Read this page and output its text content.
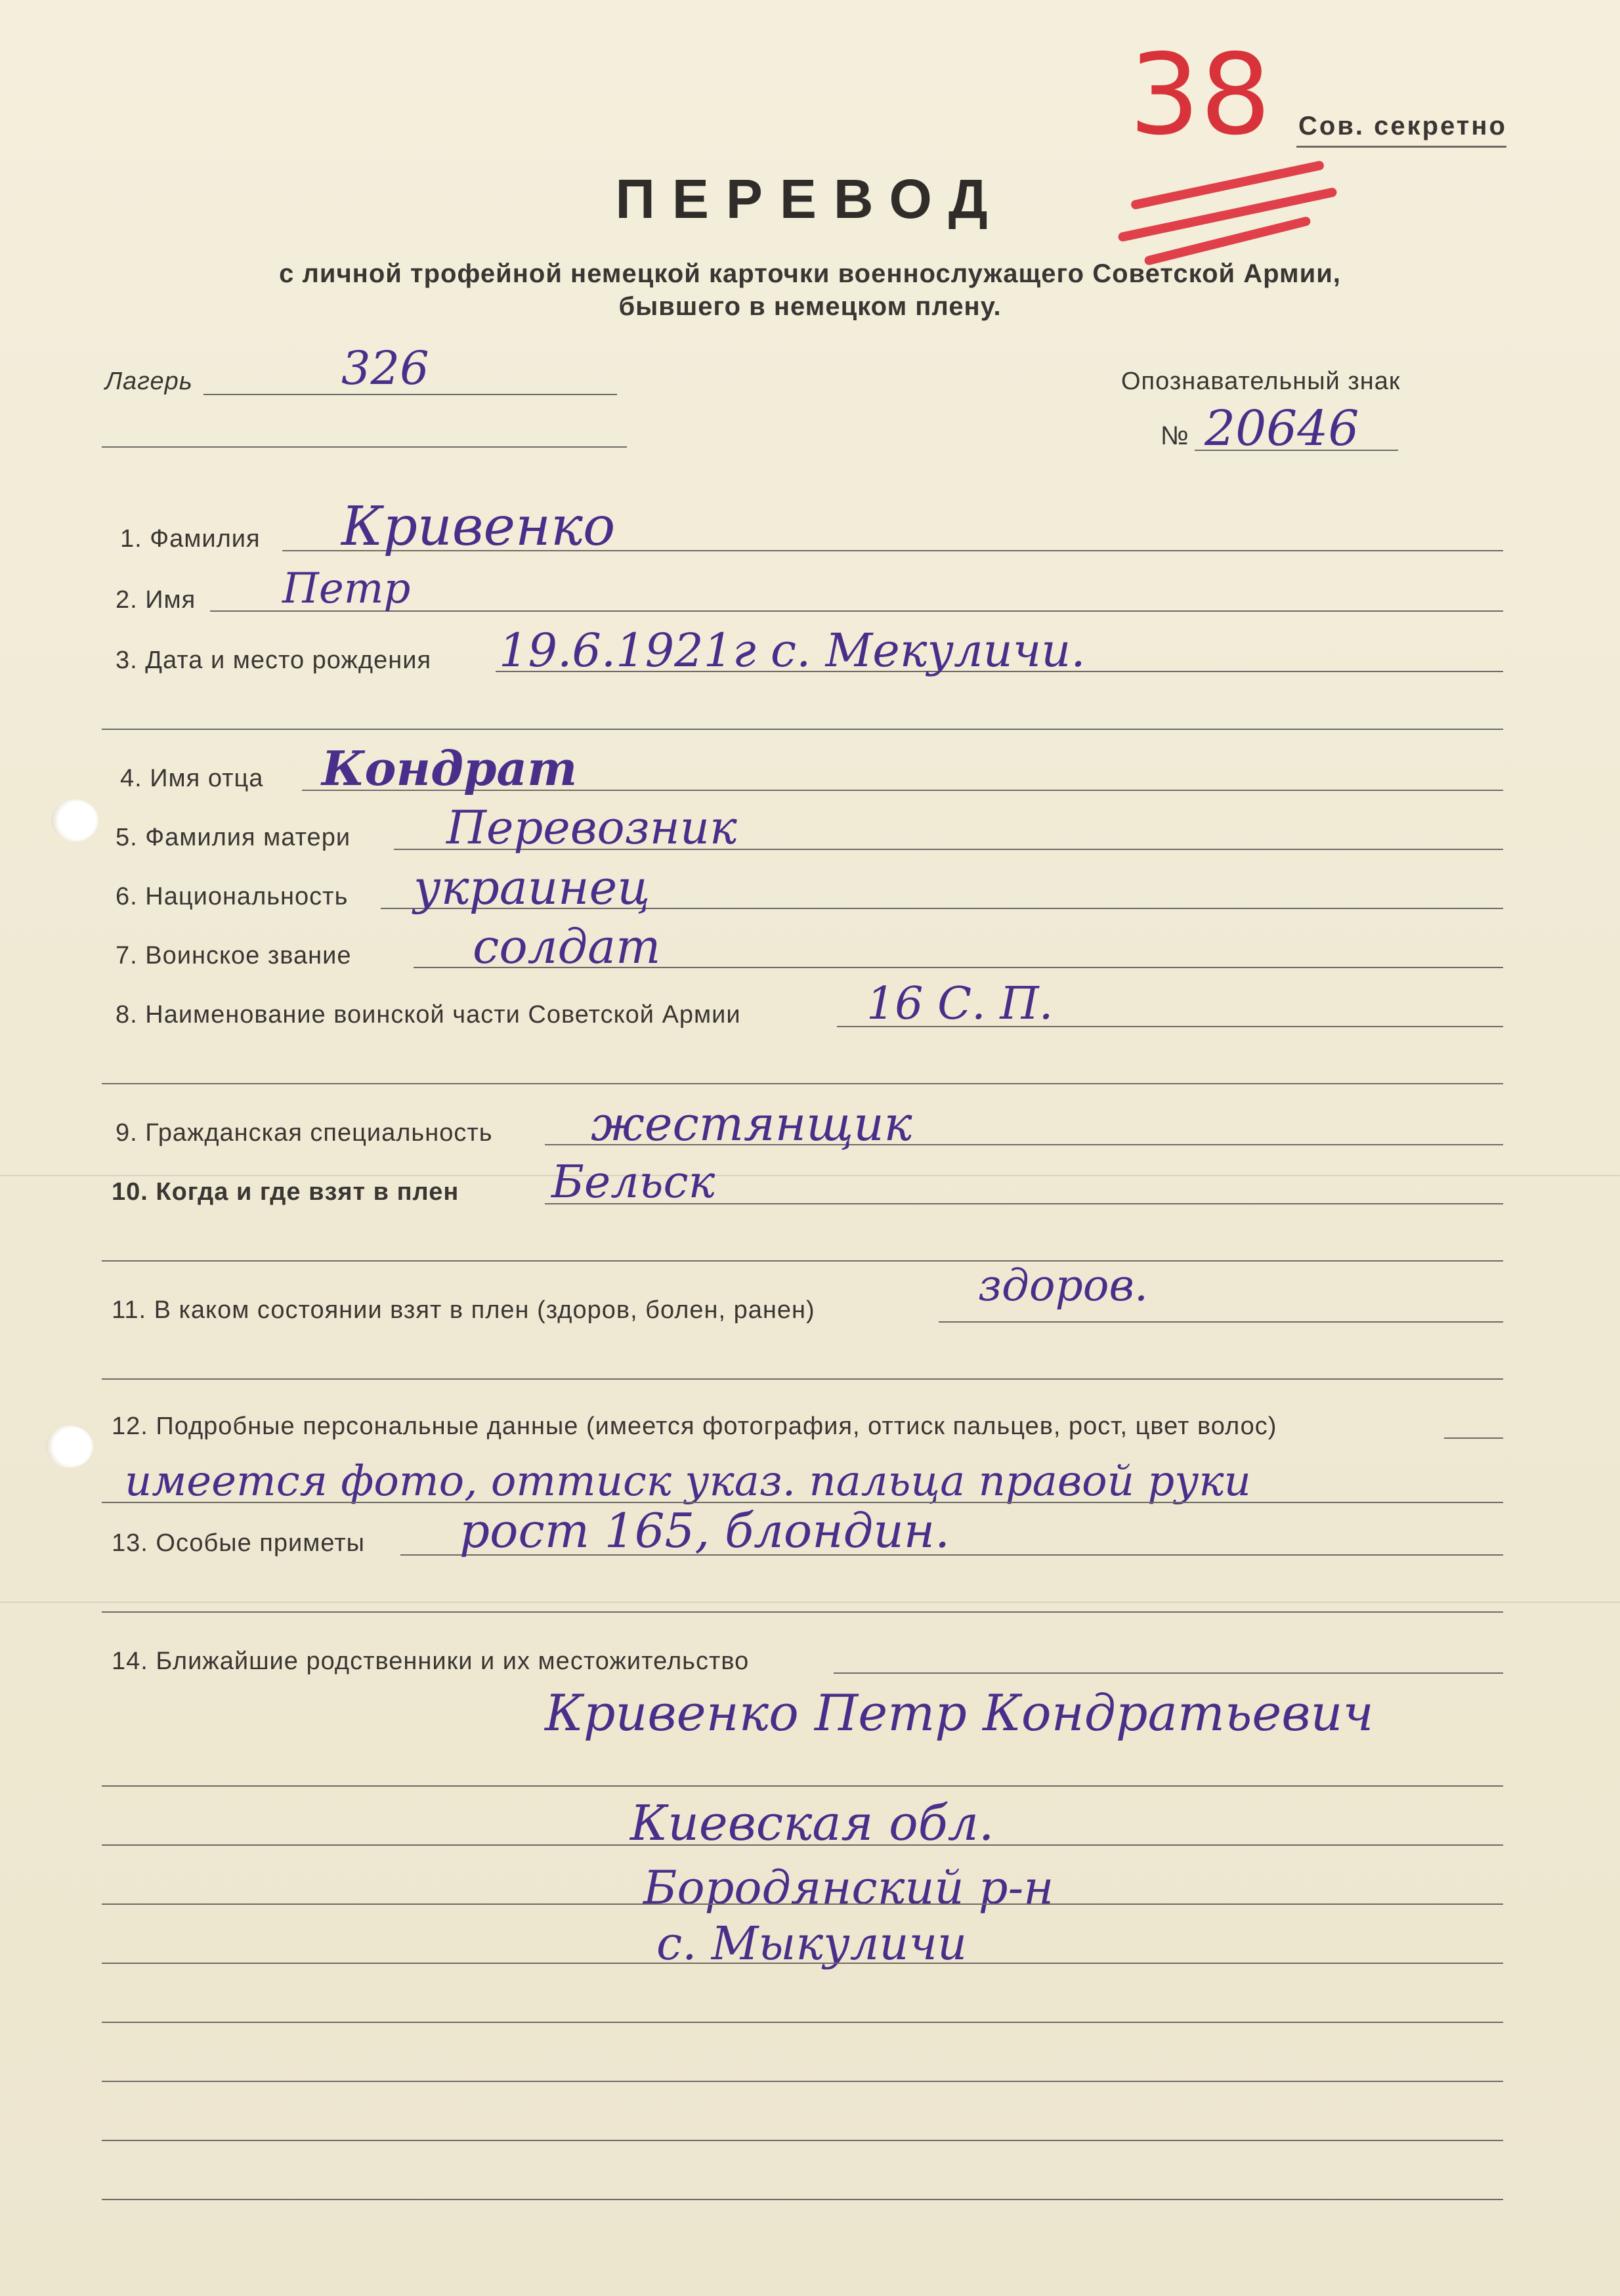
38 Сов. секретно
ПЕРЕВОД
с личной трофейной немецкой карточки военнослужащего Советской Армии,
бывшего в немецком плену.
Лагерь	326	Опознавательный знак
№ 20646
1. Фамилия Кривенко
2. Имя Петр
3. Дата и место рождения 19.6.1921г с. Мекуличи.
4. Имя отца Кондрат
5. Фамилия матери Перевозник
6. Национальность украинец
7. Воинское звание	солдат
8. Наименование воинской части Советской Армии	16 С. П.
9. Гражданская специальность жестянщик
10. Когда и где взят в плен Бельск
11. В каком состоянии взят в плен (здоров, болен, ранен)	здоров.
12. Подробные персональные данные (имеется фотография, оттиск пальцев, рост, цвет волос)
имеется фото, оттиск указ. пальца правой руки
13. Особые приметы рост 165, блондин.
14. Ближайшие родственники и их местожительство
Кривенко Петр Кондратьевич
Киевская обл.
Бородянский р-н
с. Мыкуличи
